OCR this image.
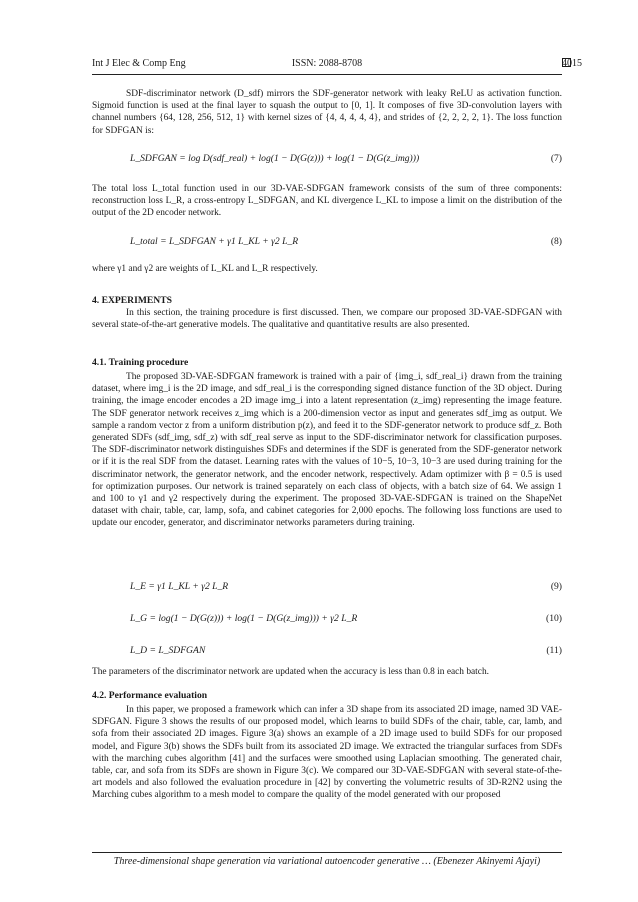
Int J Elec & Comp Eng	ISSN: 2088-8708	4015

SDF-discriminator network (D_sdf) mirrors the SDF-generator network with leaky ReLU as activation function. Sigmoid function is used at the final layer to squash the output to [0, 1]. It composes of five 3D-convolution layers with channel numbers {64, 128, 256, 512, 1} with kernel sizes of {4, 4, 4, 4, 4}, and strides of {2, 2, 2, 2, 1}. The loss function for SDFGAN is:

L_SDFGAN = log D(sdf_real) + log(1 − D(G(z))) + log(1 − D(G(z_img)))	(7)

The total loss L_total function used in our 3D-VAE-SDFGAN framework consists of the sum of three components: reconstruction loss L_R, a cross-entropy L_SDFGAN, and KL divergence L_KL to impose a limit on the distribution of the output of the 2D encoder network.

L_total = L_SDFGAN + γ1 L_KL + γ2 L_R	(8)

where γ1 and γ2 are weights of L_KL and L_R respectively.

4. EXPERIMENTS

In this section, the training procedure is first discussed. Then, we compare our proposed 3D-VAE-SDFGAN with several state-of-the-art generative models. The qualitative and quantitative results are also presented.

4.1. Training procedure

The proposed 3D-VAE-SDFGAN framework is trained with a pair of {img_i, sdf_real_i} drawn from the training dataset, where img_i is the 2D image, and sdf_real_i is the corresponding signed distance function of the 3D object. During training, the image encoder encodes a 2D image img_i into a latent representation (z_img) representing the image feature. The SDF generator network receives z_img which is a 200-dimension vector as input and generates sdf_img as output. We sample a random vector z from a uniform distribution p(z), and feed it to the SDF-generator network to produce sdf_z. Both generated SDFs (sdf_img, sdf_z) with sdf_real serve as input to the SDF-discriminator network for classification purposes. The SDF-discriminator network distinguishes SDFs and determines if the SDF is generated from the SDF-generator network or if it is the real SDF from the dataset. Learning rates with the values of 10−5, 10−3, 10−3 are used during training for the discriminator network, the generator network, and the encoder network, respectively. Adam optimizer with β = 0.5 is used for optimization purposes. Our network is trained separately on each class of objects, with a batch size of 64. We assign 1 and 100 to γ1 and γ2 respectively during the experiment. The proposed 3D-VAE-SDFGAN is trained on the ShapeNet dataset with chair, table, car, lamp, sofa, and cabinet categories for 2,000 epochs. The following loss functions are used to update our encoder, generator, and discriminator networks parameters during training.

L_E = γ1 L_KL + γ2 L_R	(9)
L_G = log(1 − D(G(z))) + log(1 − D(G(z_img))) + γ2 L_R	(10)
L_D = L_SDFGAN	(11)

The parameters of the discriminator network are updated when the accuracy is less than 0.8 in each batch.

4.2. Performance evaluation

In this paper, we proposed a framework which can infer a 3D shape from its associated 2D image, named 3D VAE-SDFGAN. Figure 3 shows the results of our proposed model, which learns to build SDFs of the chair, table, car, lamb, and sofa from their associated 2D images. Figure 3(a) shows an example of a 2D image used to build SDFs for our proposed model, and Figure 3(b) shows the SDFs built from its associated 2D image. We extracted the triangular surfaces from SDFs with the marching cubes algorithm [41] and the surfaces were smoothed using Laplacian smoothing. The generated chair, table, car, and sofa from its SDFs are shown in Figure 3(c). We compared our 3D-VAE-SDFGAN with several state-of-the-art models and also followed the evaluation procedure in [42] by converting the volumetric results of 3D-R2N2 using the Marching cubes algorithm to a mesh model to compare the quality of the model generated with our proposed

Three-dimensional shape generation via variational autoencoder generative … (Ebenezer Akinyemi Ajayi)
